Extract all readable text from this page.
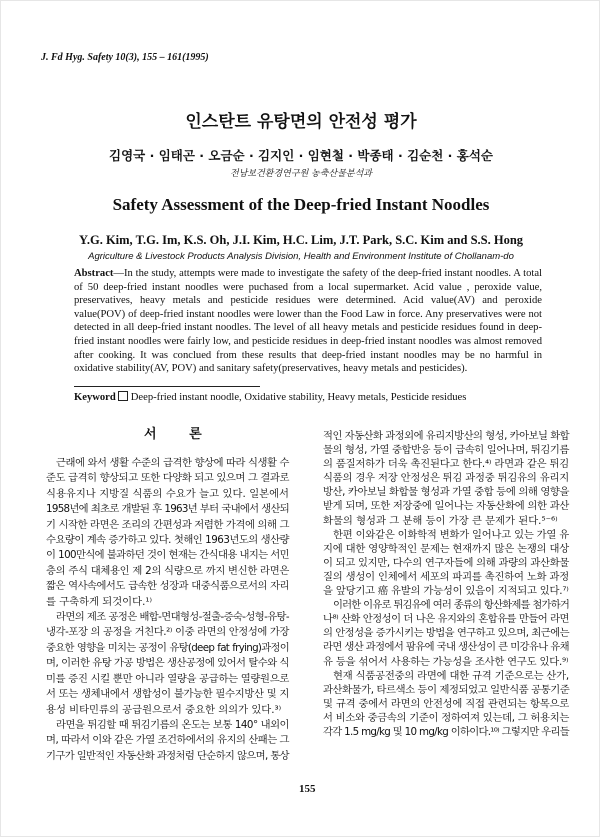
J. Fd Hyg. Safety 10(3), 155 – 161(1995)
인스탄트 유탕면의 안전성 평가
김영국 · 임태곤 · 오금순 · 김지인 · 임현철 · 박종태 · 김순천 · 홍석순
전남보건환경연구원 농축산물분석과
Safety Assessment of the Deep-fried Instant Noodles
Y.G. Kim, T.G. Im, K.S. Oh, J.I. Kim, H.C. Lim, J.T. Park, S.C. Kim and S.S. Hong
Agriculture & Livestock Products Analysis Division, Health and Environment Institute of Chollanam-do
Abstract—In the study, attempts were made to investigate the safety of the deep-fried instant noodles. A total of 50 deep-fried instant noodles were puchased from a local supermarket. Acid value , peroxide value, preservatives, heavy metals and pesticide residues were determined. Acid value(AV) and peroxide value(POV) of deep-fried instant noodles were lower than the Food Law in force. Any preservatives were not detected in all deep-fried instant noodles. The level of all heavy metals and pesticide residues found in deep-fried instant noodles were fairly low, and pesticide residues in deep-fried instant noodles was almost removed after cooking. It was conclued from these results that deep-fried instant noodles may be no harmful in oxidative stability(AV, POV) and sanitary safety(preservatives, heavy metals and pesticides).
Keyword Deep-fried instant noodle, Oxidative stability, Heavy metals, Pesticide residues
서 론
근래에 와서 생활 수준의 급격한 향상에 따라 식생활 수
준도 급격히 향상되고 또한 다양화 되고 있으며 그 결과로
식용유지나 지방질 식품의 수요가 늘고 있다. 일본에서
1958년에 최초로 개발된 후 1963년 부터 국내에서 생산되
기 시작한 라면은 조리의 간편성과 저렴한 가격에 의해 그
수요량이 계속 증가하고 있다. 첫해인 1963년도의 생산량
이 100만식에 불과하던 것이 현재는 간식대용 내지는 서민
층의 주식 대체용인 제 2의 식량으로 까지 변신한 라면은
짧은 역사속에서도 급속한 성장과 대중식품으로서의 자리
를 구축하게 되것이다.¹⁾
라면의 제조 공정은 배합-면대형성-절출-증숙-성형-유탕-
냉각-포장 의 공정을 거친다.²⁾ 이중 라면의 안정성에 가장
중요한 영향을 미치는 공정이 유탕(deep fat frying)과정이
며, 이러한 유탕 가공 방법은 생산공정에 있어서 탈수와 식
미를 증진 시킬 뿐만 아니라 열량을 공급하는 열량원으로
서 또는 생체내에서 생합성이 불가능한 필수지방산 및 지
용성 비타민류의 공급원으로서 중요한 의의가 있다.³⁾
라면을 튀김할 때 튀김기름의 온도는 보통 140° 내외이
며, 따라서 이와 같은 가열 조건하에서의 유지의 산패는 그
기구가 일반적인 자동산화 과정처럼 단순하지 않으며, 통상
적인 자동산화 과정외에 유리지방산의 형성, 카아보닐 화합
물의 형성, 가열 중합반응 등이 급속히 일어나며, 튀김기름
의 품질저하가 더욱 촉진된다고 한다.⁴⁾ 라면과 같은 튀김
식품의 경우 저장 안정성은 튀김 과정중 튀김유의 유리지
방산, 카아보닐 화합물 형성과 가열 중합 등에 의해 영향을
받게 되며, 또한 저장중에 일어나는 자동산화에 의한 과산
화물의 형성과 그 분해 등이 가장 큰 문제가 된다.⁵⁻⁶⁾
한편 이와같은 이화학적 변화가 일어나고 있는 가열 유
지에 대한 영양학적인 문제는 현재까지 많은 논쟁의 대상
이 되고 있지만, 다수의 연구자들에 의해 과량의 과산화물
질의 생성이 인체에서 세포의 파괴를 촉진하여 노화 과정
을 앞당기고 癌 유발의 가능성이 있음이 지적되고 있다.⁷⁾
이러한 이유로 튀김유에 여러 종류의 항산화제를 첨가하거
나⁸⁾ 산화 안정성이 더 나은 유지와의 혼합유를 만들어 라면
의 안정성을 증가시키는 방법을 연구하고 있으며, 최근에는
라면 생산 과정에서 팜유에 국내 생산성이 큰 미강유나 유채
유 등을 섞어서 사용하는 가능성을 조사한 연구도 있다.⁹⁾
현재 식품공전중의 라면에 대한 규격 기준으로는 산가,
과산화물가, 타르색소 등이 제정되었고 일반식품 공통기준
및 규격 중에서 라면의 안전성에 직접 관련되는 항목으로
서 비소와 중금속의 기준이 정하여져 있는데, 그 허용치는
각각 1.5 mg/kg 및 10 mg/kg 이하이다.¹⁰⁾ 그렇지만 우리들
155
